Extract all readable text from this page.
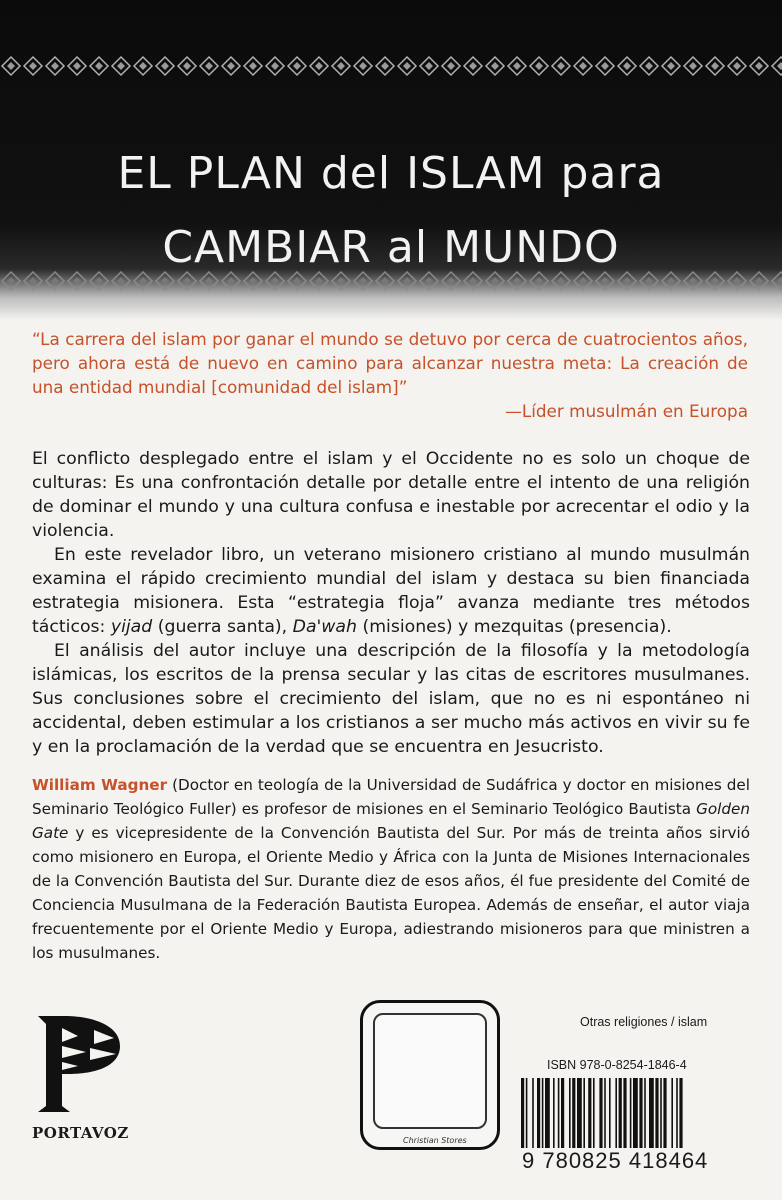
EL PLAN del ISLAM para
CAMBIAR al MUNDO
“La carrera del islam por ganar el mundo se detuvo por cerca de cuatrocientos años, pero ahora está de nuevo en camino para alcanzar nuestra meta: La creación de una entidad mundial [comunidad del islam]”
—Líder musulmán en Europa

El conflicto desplegado entre el islam y el Occidente no es solo un choque de culturas: Es una confrontación detalle por detalle entre el intento de una religión de dominar el mundo y una cultura confusa e inestable por acrecentar el odio y la violencia.

En este revelador libro, un veterano misionero cristiano al mundo musulmán examina el rápido crecimiento mundial del islam y destaca su bien financiada estrategia misionera. Esta “estrategia floja” avanza mediante tres métodos tácticos: yijad (guerra santa), Da'wah (misiones) y mezquitas (presencia).

El análisis del autor incluye una descripción de la filosofía y la metodología islámicas, los escritos de la prensa secular y las citas de escritores musulmanes. Sus conclusiones sobre el crecimiento del islam, que no es ni espontáneo ni accidental, deben estimular a los cristianos a ser mucho más activos en vivir su fe y en la proclamación de la verdad que se encuentra en Jesucristo.

William Wagner (Doctor en teología de la Universidad de Sudáfrica y doctor en misiones del Seminario Teológico Fuller) es profesor de misiones en el Seminario Teológico Bautista Golden Gate y es vicepresidente de la Convención Bautista del Sur. Por más de treinta años sirvió como misionero en Europa, el Oriente Medio y África con la Junta de Misiones Internacionales de la Convención Bautista del Sur. Durante diez de esos años, él fue presidente del Comité de Conciencia Musulmana de la Federación Bautista Europea. Además de enseñar, el autor viaja frecuentemente por el Oriente Medio y Europa, adiestrando misioneros para que ministren a los musulmanes.
PORTAVOZ	Christian Stores
Otras religiones / islam
ISBN 978-0-8254-1846-4
9 780825 418464
